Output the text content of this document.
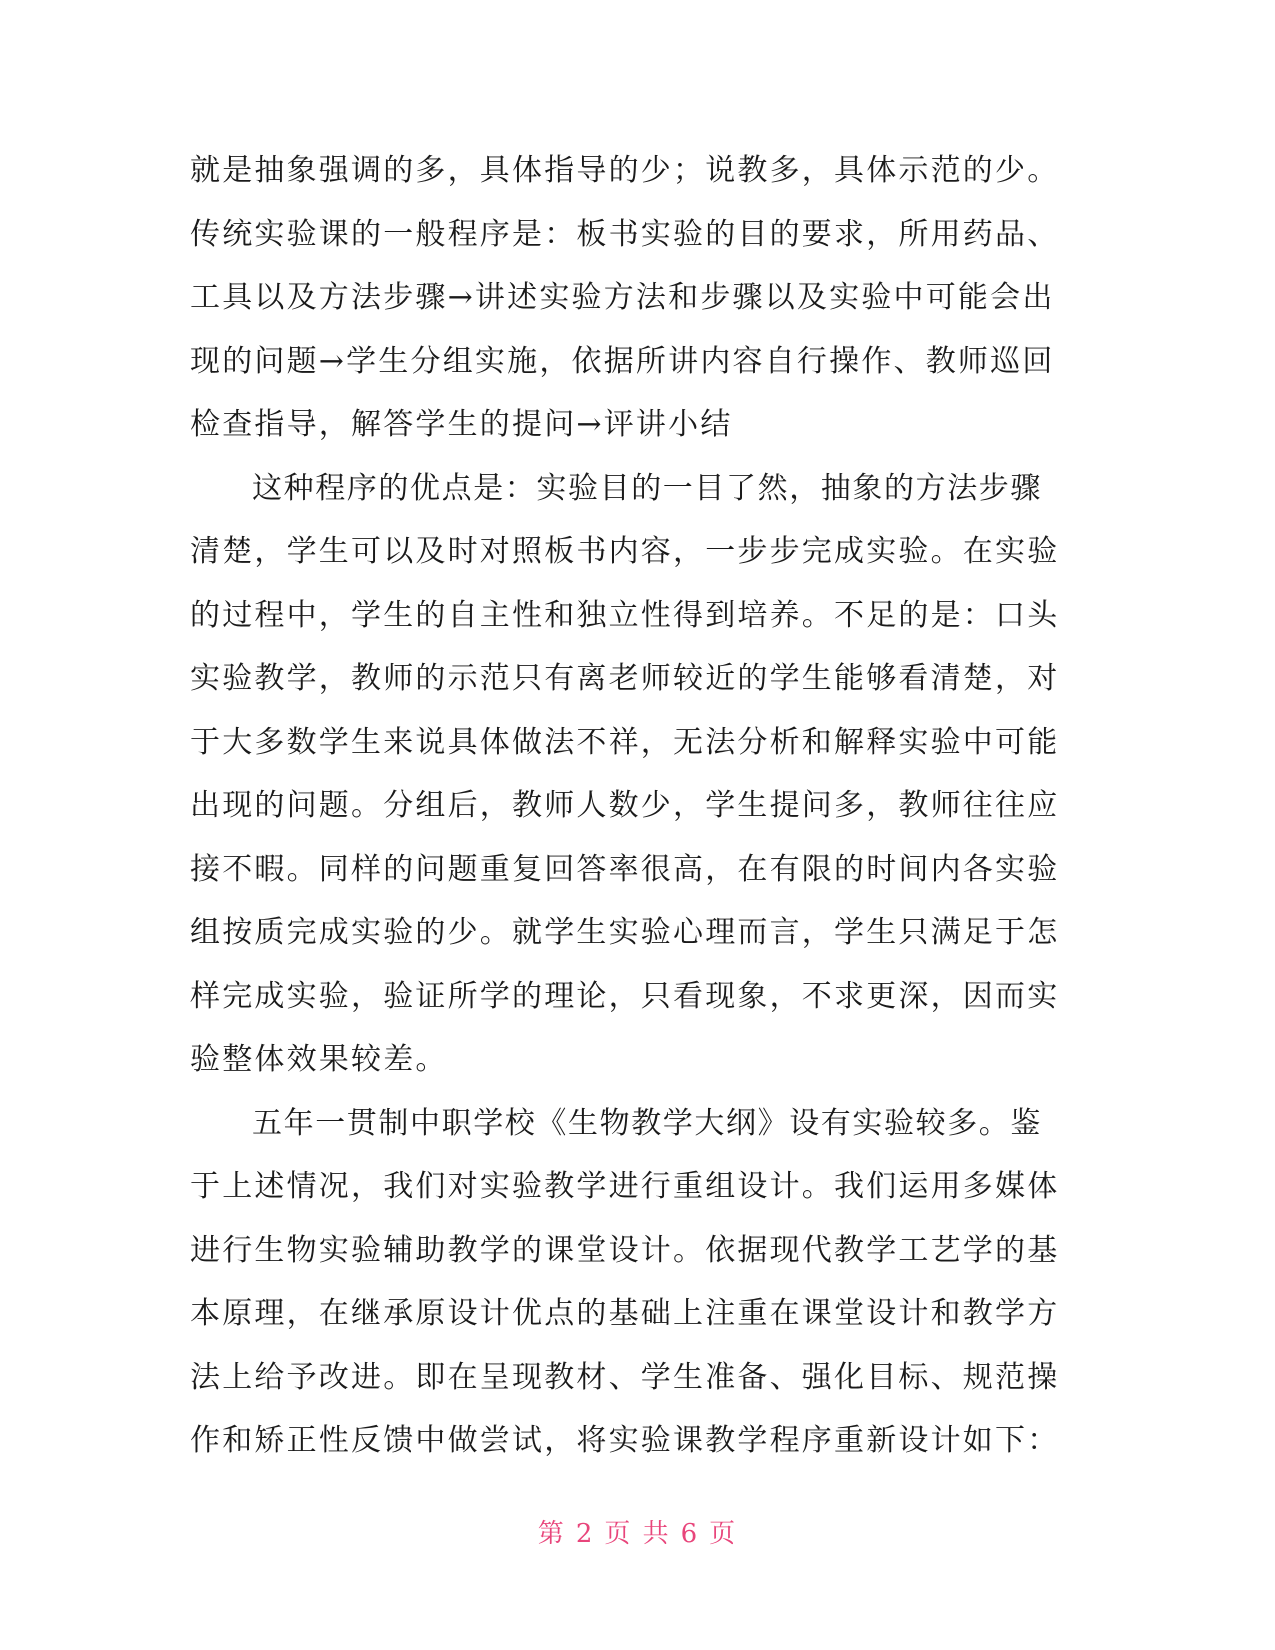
就是抽象强调的多，具体指导的少；说教多，具体示范的少。
传统实验课的一般程序是：板书实验的目的要求，所用药品、
工具以及方法步骤→讲述实验方法和步骤以及实验中可能会出
现的问题→学生分组实施，依据所讲内容自行操作、教师巡回
检查指导，解答学生的提问→评讲小结
这种程序的优点是：实验目的一目了然，抽象的方法步骤
清楚，学生可以及时对照板书内容，一步步完成实验。在实验
的过程中，学生的自主性和独立性得到培养。不足的是：口头
实验教学，教师的示范只有离老师较近的学生能够看清楚，对
于大多数学生来说具体做法不祥，无法分析和解释实验中可能
出现的问题。分组后，教师人数少，学生提问多，教师往往应
接不暇。同样的问题重复回答率很高，在有限的时间内各实验
组按质完成实验的少。就学生实验心理而言，学生只满足于怎
样完成实验，验证所学的理论，只看现象，不求更深，因而实
验整体效果较差。
五年一贯制中职学校《生物教学大纲》设有实验较多。鉴
于上述情况，我们对实验教学进行重组设计。我们运用多媒体
进行生物实验辅助教学的课堂设计。依据现代教学工艺学的基
本原理，在继承原设计优点的基础上注重在课堂设计和教学方
法上给予改进。即在呈现教材、学生准备、强化目标、规范操
作和矫正性反馈中做尝试，将实验课教学程序重新设计如下：
第 2 页 共 6 页
